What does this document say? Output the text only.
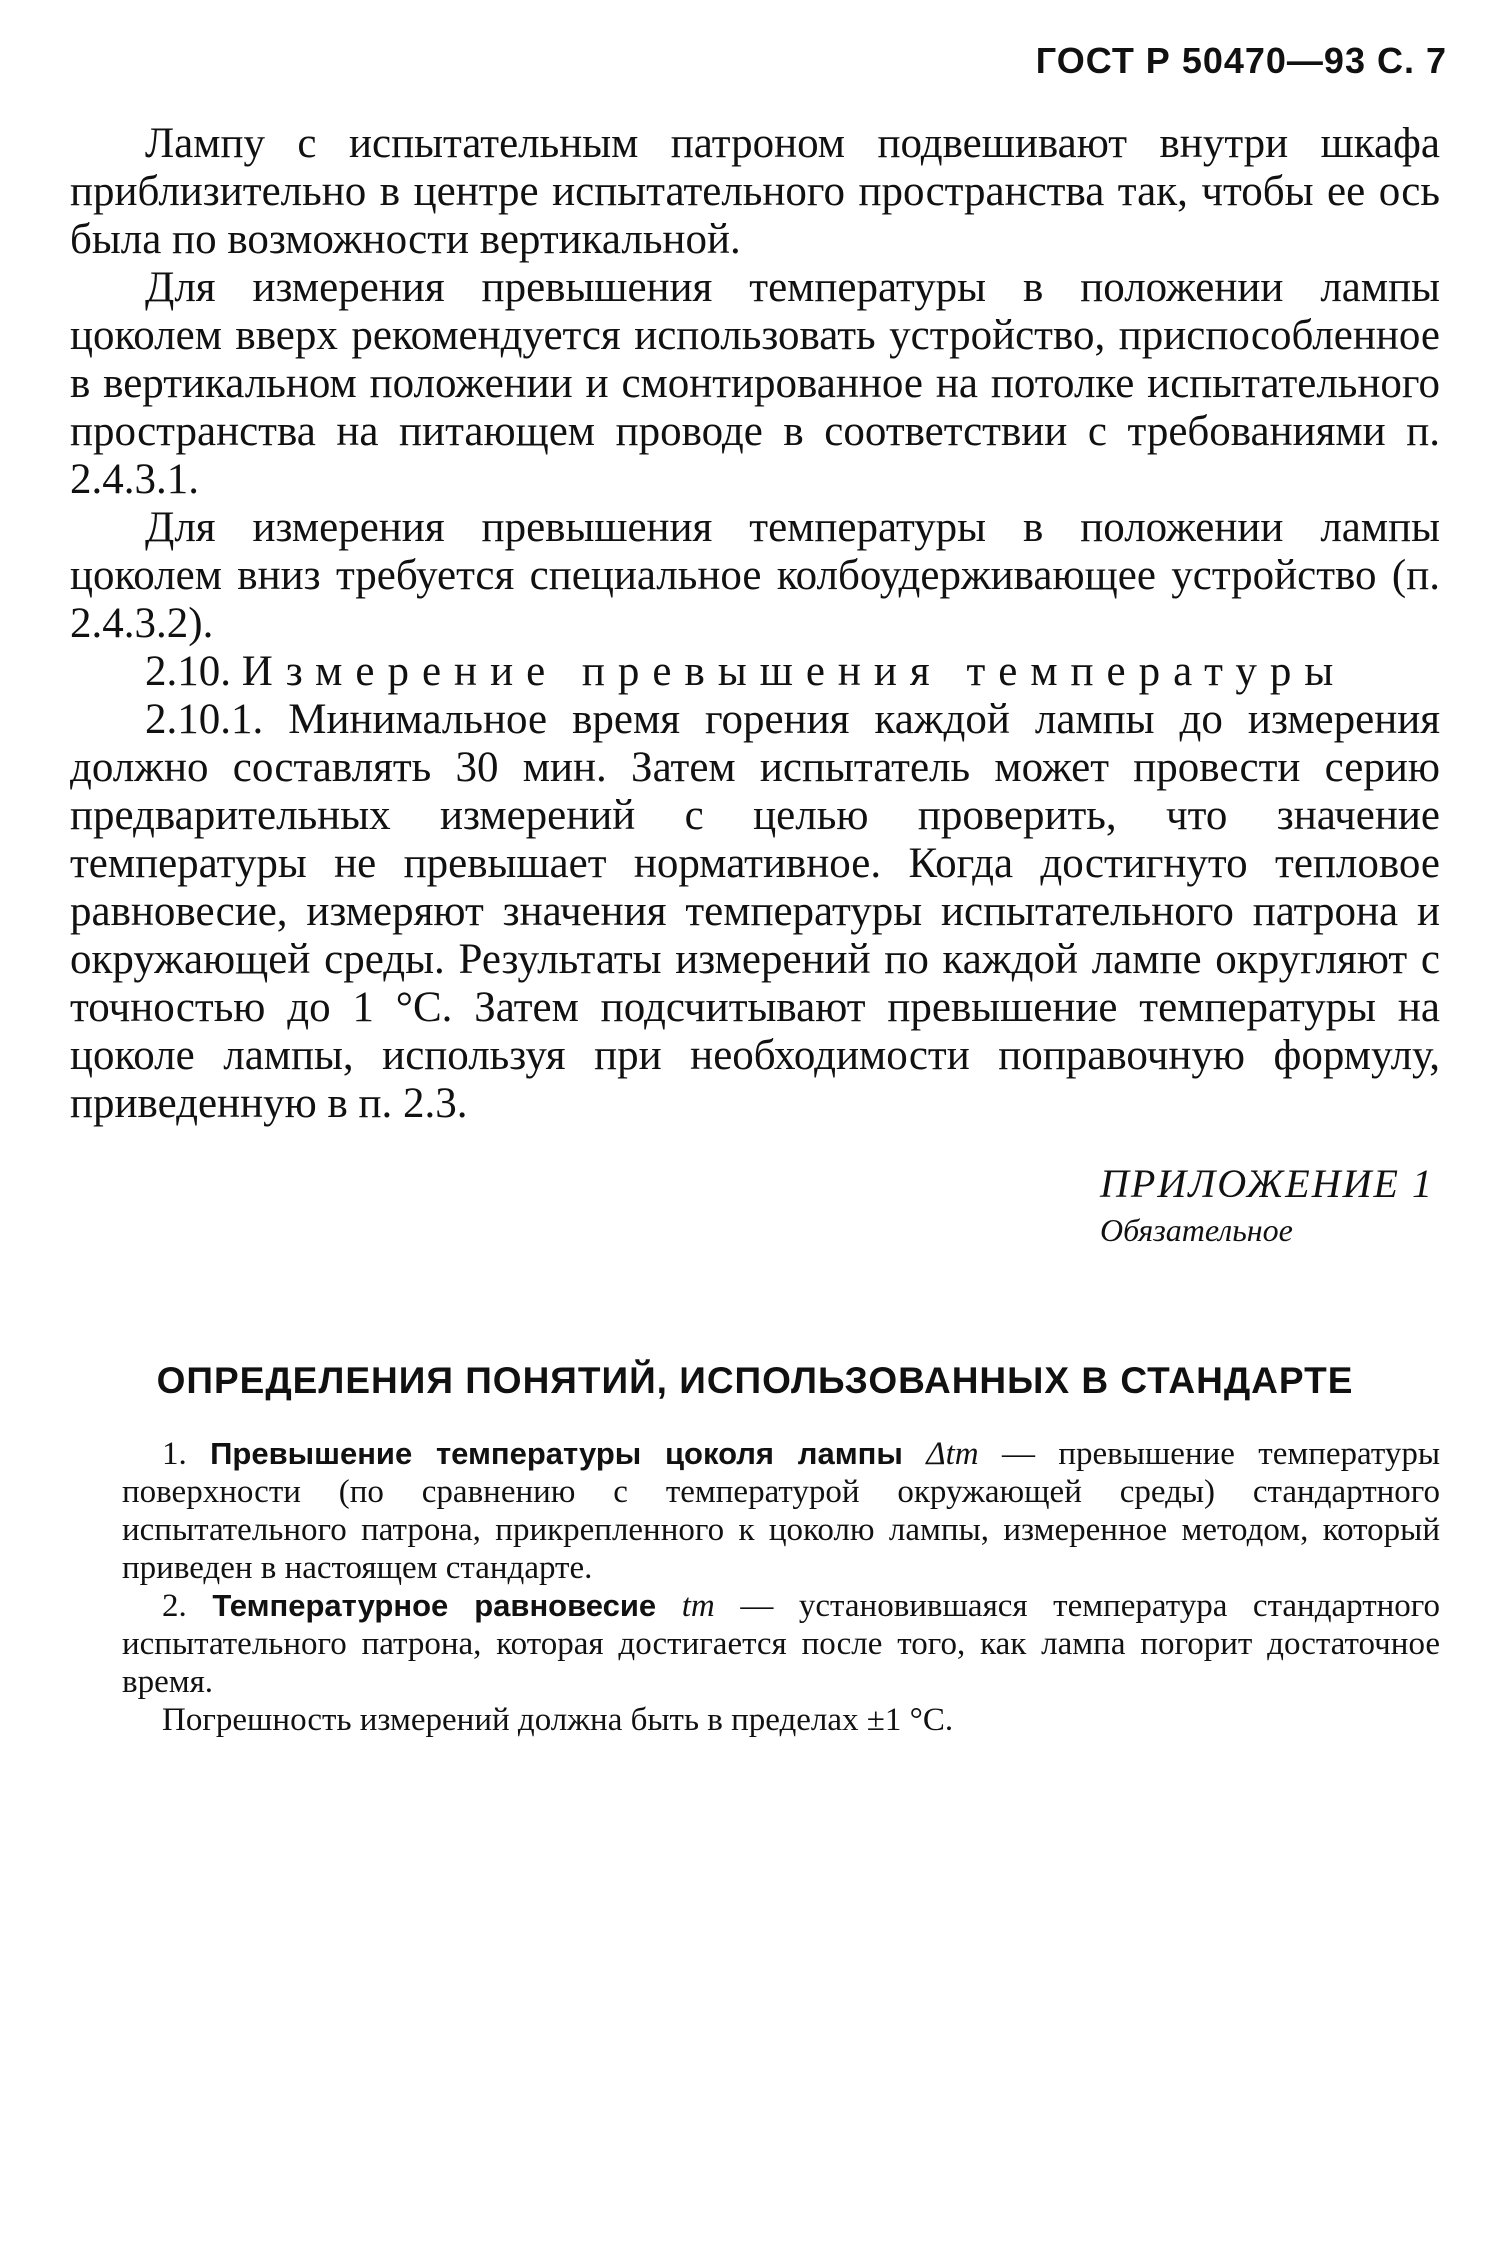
ГОСТ Р 50470—93 С. 7

Лампу с испытательным патроном подвешивают внутри шкафа приблизительно в центре испытательного пространства так, чтобы ее ось была по возможности вертикальной.

Для измерения превышения температуры в положении лампы цоколем вверх рекомендуется использовать устройство, приспособленное в вертикальном положении и смонтированное на потолке испытательного пространства на питающем проводе в соответствии с требованиями п. 2.4.3.1.

Для измерения превышения температуры в положении лампы цоколем вниз требуется специальное колбоудерживающее устройство (п. 2.4.3.2).

2.10. Измерение превышения температуры

2.10.1. Минимальное время горения каждой лампы до измерения должно составлять 30 мин. Затем испытатель может провести серию предварительных измерений с целью проверить, что значение температуры не превышает нормативное. Когда достигнуто тепловое равновесие, измеряют значения температуры испытательного патрона и окружающей среды. Результаты измерений по каждой лампе округляют с точностью до 1 °С. Затем подсчитывают превышение температуры на цоколе лампы, используя при необходимости поправочную формулу, приведенную в п. 2.3.

ПРИЛОЖЕНИЕ 1
Обязательное
ОПРЕДЕЛЕНИЯ ПОНЯТИЙ, ИСПОЛЬЗОВАННЫХ В СТАНДАРТЕ

1. Превышение температуры цоколя лампы Δtm — превышение температуры поверхности (по сравнению с температурой окружающей среды) стандартного испытательного патрона, прикрепленного к цоколю лампы, измеренное методом, который приведен в настоящем стандарте.

2. Температурное равновесие tm — установившаяся температура стандартного испытательного патрона, которая достигается после того, как лампа погорит достаточное время.

Погрешность измерений должна быть в пределах ±1 °С.
